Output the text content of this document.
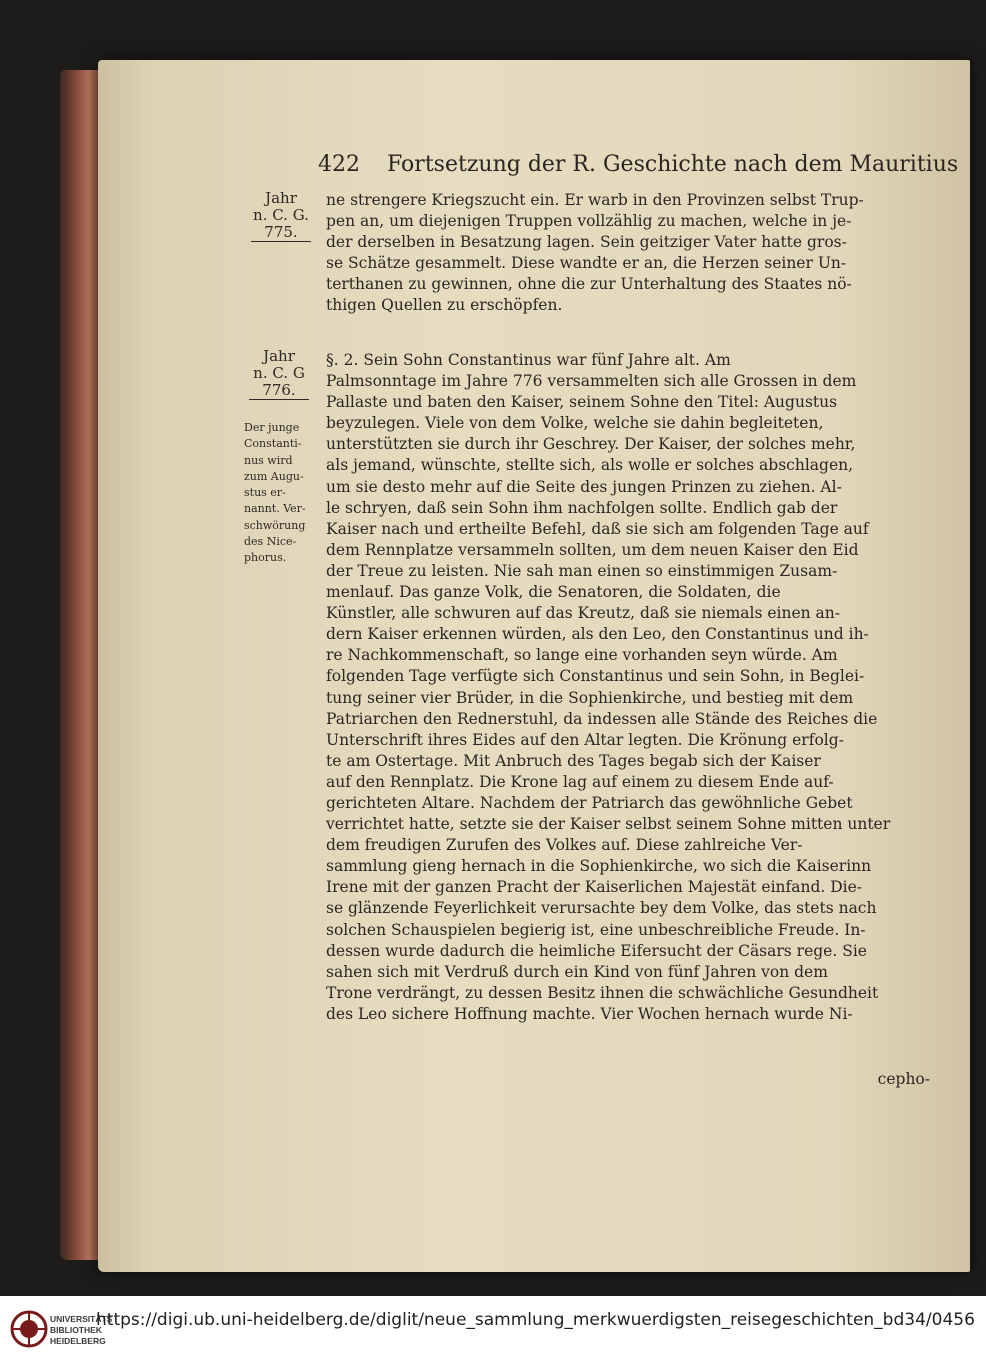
422 Fortsetzung der R. Geschichte nach dem Mauritius
Jahr
n. C. G.
775.
Jahr
n. C. G
776.
Der junge
Constanti-
nus wird
zum Augu-
stus er-
nannt. Ver-
schwörung
des Nice-
phorus.
ne strengere Kriegszucht ein. Er warb in den Provinzen selbst Trup-
pen an, um diejenigen Truppen vollzählig zu machen, welche in je-
der derselben in Besatzung lagen. Sein geitziger Vater hatte gros-
se Schätze gesammelt. Diese wandte er an, die Herzen seiner Un-
terthanen zu gewinnen, ohne die zur Unterhaltung des Staates nö-
thigen Quellen zu erschöpfen.
§. 2. Sein Sohn Constantinus war fünf Jahre alt. Am
Palmsonntage im Jahre 776 versammelten sich alle Grossen in dem
Pallaste und baten den Kaiser, seinem Sohne den Titel: Augustus
beyzulegen. Viele von dem Volke, welche sie dahin begleiteten,
unterstützten sie durch ihr Geschrey. Der Kaiser, der solches mehr,
als jemand, wünschte, stellte sich, als wolle er solches abschlagen,
um sie desto mehr auf die Seite des jungen Prinzen zu ziehen. Al-
le schryen, daß sein Sohn ihm nachfolgen sollte. Endlich gab der
Kaiser nach und ertheilte Befehl, daß sie sich am folgenden Tage auf
dem Rennplatze versammeln sollten, um dem neuen Kaiser den Eid
der Treue zu leisten. Nie sah man einen so einstimmigen Zusam-
menlauf. Das ganze Volk, die Senatoren, die Soldaten, die
Künstler, alle schwuren auf das Kreutz, daß sie niemals einen an-
dern Kaiser erkennen würden, als den Leo, den Constantinus und ih-
re Nachkommenschaft, so lange eine vorhanden seyn würde. Am
folgenden Tage verfügte sich Constantinus und sein Sohn, in Beglei-
tung seiner vier Brüder, in die Sophienkirche, und bestieg mit dem
Patriarchen den Rednerstuhl, da indessen alle Stände des Reiches die
Unterschrift ihres Eides auf den Altar legten. Die Krönung erfolg-
te am Ostertage. Mit Anbruch des Tages begab sich der Kaiser
auf den Rennplatz. Die Krone lag auf einem zu diesem Ende auf-
gerichteten Altare. Nachdem der Patriarch das gewöhnliche Gebet
verrichtet hatte, setzte sie der Kaiser selbst seinem Sohne mitten unter
dem freudigen Zurufen des Volkes auf. Diese zahlreiche Ver-
sammlung gieng hernach in die Sophienkirche, wo sich die Kaiserinn
Irene mit der ganzen Pracht der Kaiserlichen Majestät einfand. Die-
se glänzende Feyerlichkeit verursachte bey dem Volke, das stets nach
solchen Schauspielen begierig ist, eine unbeschreibliche Freude. In-
dessen wurde dadurch die heimliche Eifersucht der Cäsars rege. Sie
sahen sich mit Verdruß durch ein Kind von fünf Jahren von dem
Trone verdrängt, zu dessen Besitz ihnen die schwächliche Gesundheit
des Leo sichere Hoffnung machte. Vier Wochen hernach wurde Ni-
cepho-
UNIVERSITÄTS
BIBLIOTHEK
HEIDELBERG
https://digi.ub.uni-heidelberg.de/diglit/neue_sammlung_merkwuerdigsten_reisegeschichten_bd34/0456
